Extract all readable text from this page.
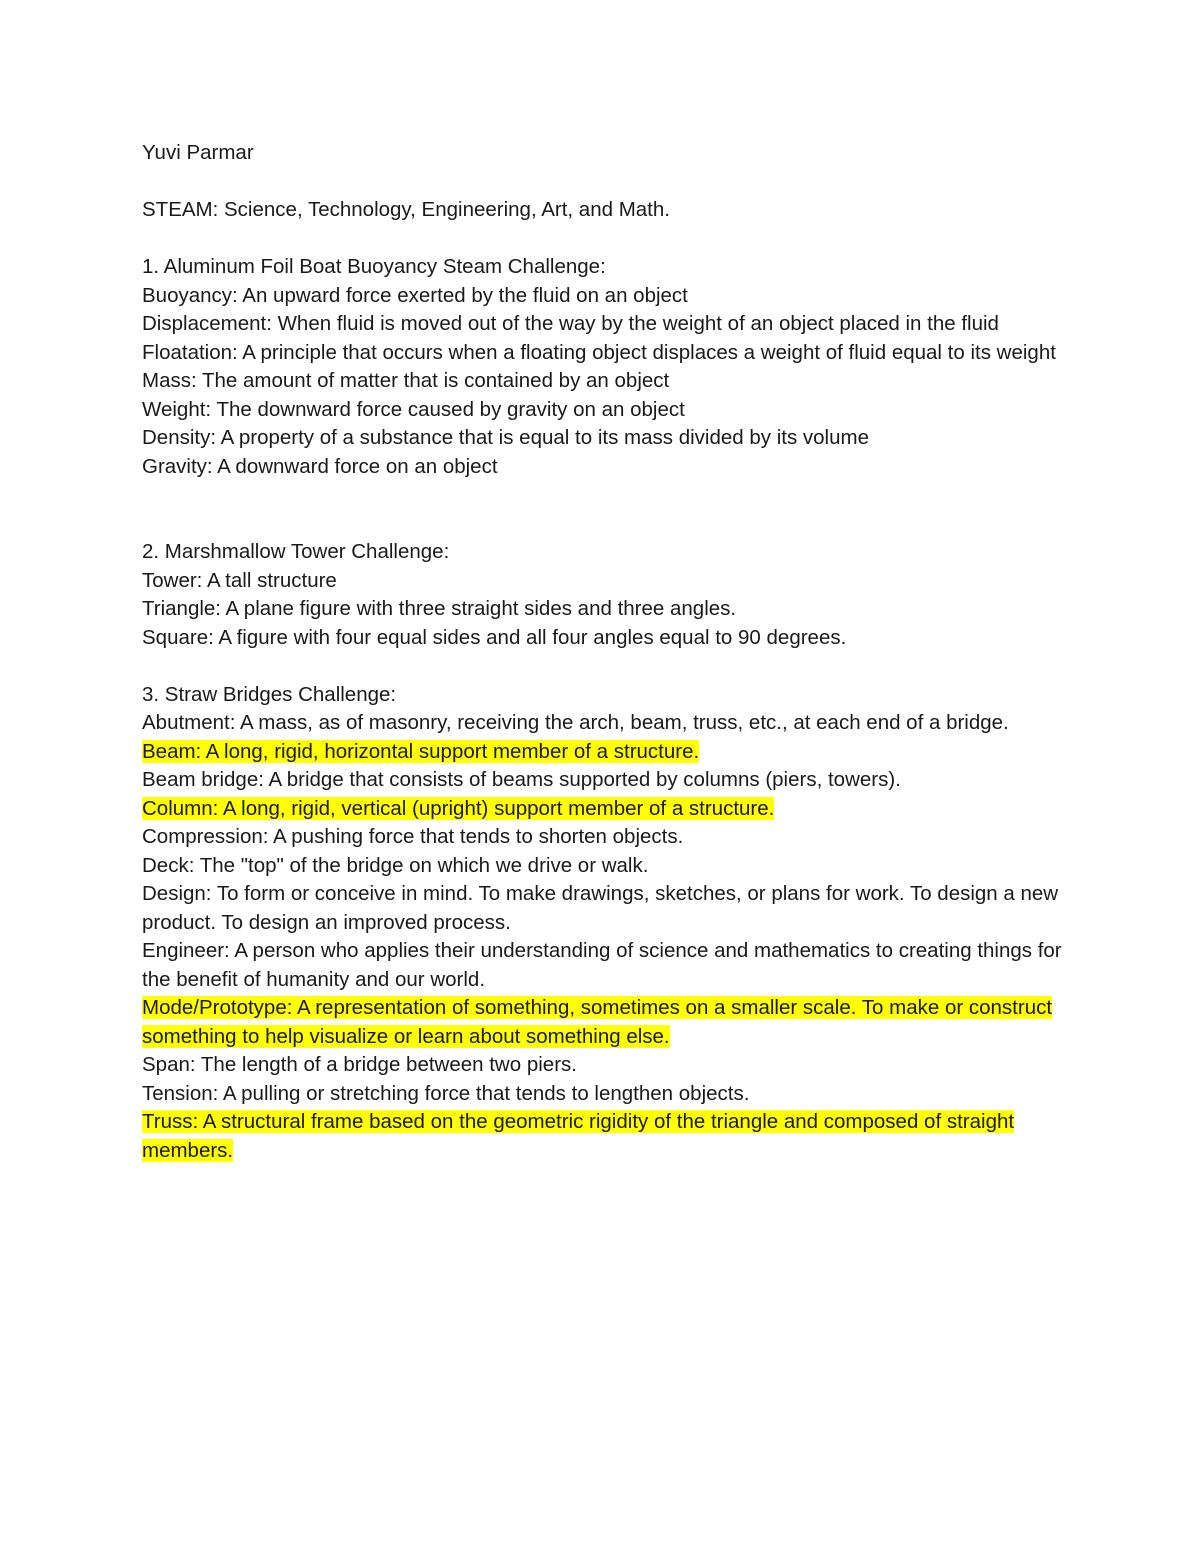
Yuvi Parmar
STEAM: Science, Technology, Engineering, Art, and Math.
1. Aluminum Foil Boat Buoyancy Steam Challenge:
Buoyancy: An upward force exerted by the fluid on an object
Displacement: When fluid is moved out of the way by the weight of an object placed in the fluid
Floatation: A principle that occurs when a floating object displaces a weight of fluid equal to its weight
Mass: The amount of matter that is contained by an object
Weight: The downward force caused by gravity on an object
Density: A property of a substance that is equal to its mass divided by its volume
Gravity: A downward force on an object
2. Marshmallow Tower Challenge:
Tower: A tall structure
Triangle: A plane figure with three straight sides and three angles.
Square: A figure with four equal sides and all four angles equal to 90 degrees.
3. Straw Bridges Challenge:
Abutment: A mass, as of masonry, receiving the arch, beam, truss, etc., at each end of a bridge.
Beam: A long, rigid, horizontal support member of a structure.
Beam bridge: A bridge that consists of beams supported by columns (piers, towers).
Column: A long, rigid, vertical (upright) support member of a structure.
Compression: A pushing force that tends to shorten objects.
Deck: The "top" of the bridge on which we drive or walk.
Design: To form or conceive in mind. To make drawings, sketches, or plans for work. To design a new product. To design an improved process.
Engineer: A person who applies their understanding of science and mathematics to creating things for the benefit of humanity and our world.
Mode/Prototype: A representation of something, sometimes on a smaller scale. To make or construct something to help visualize or learn about something else.
Span: The length of a bridge between two piers.
Tension: A pulling or stretching force that tends to lengthen objects.
Truss: A structural frame based on the geometric rigidity of the triangle and composed of straight members.
